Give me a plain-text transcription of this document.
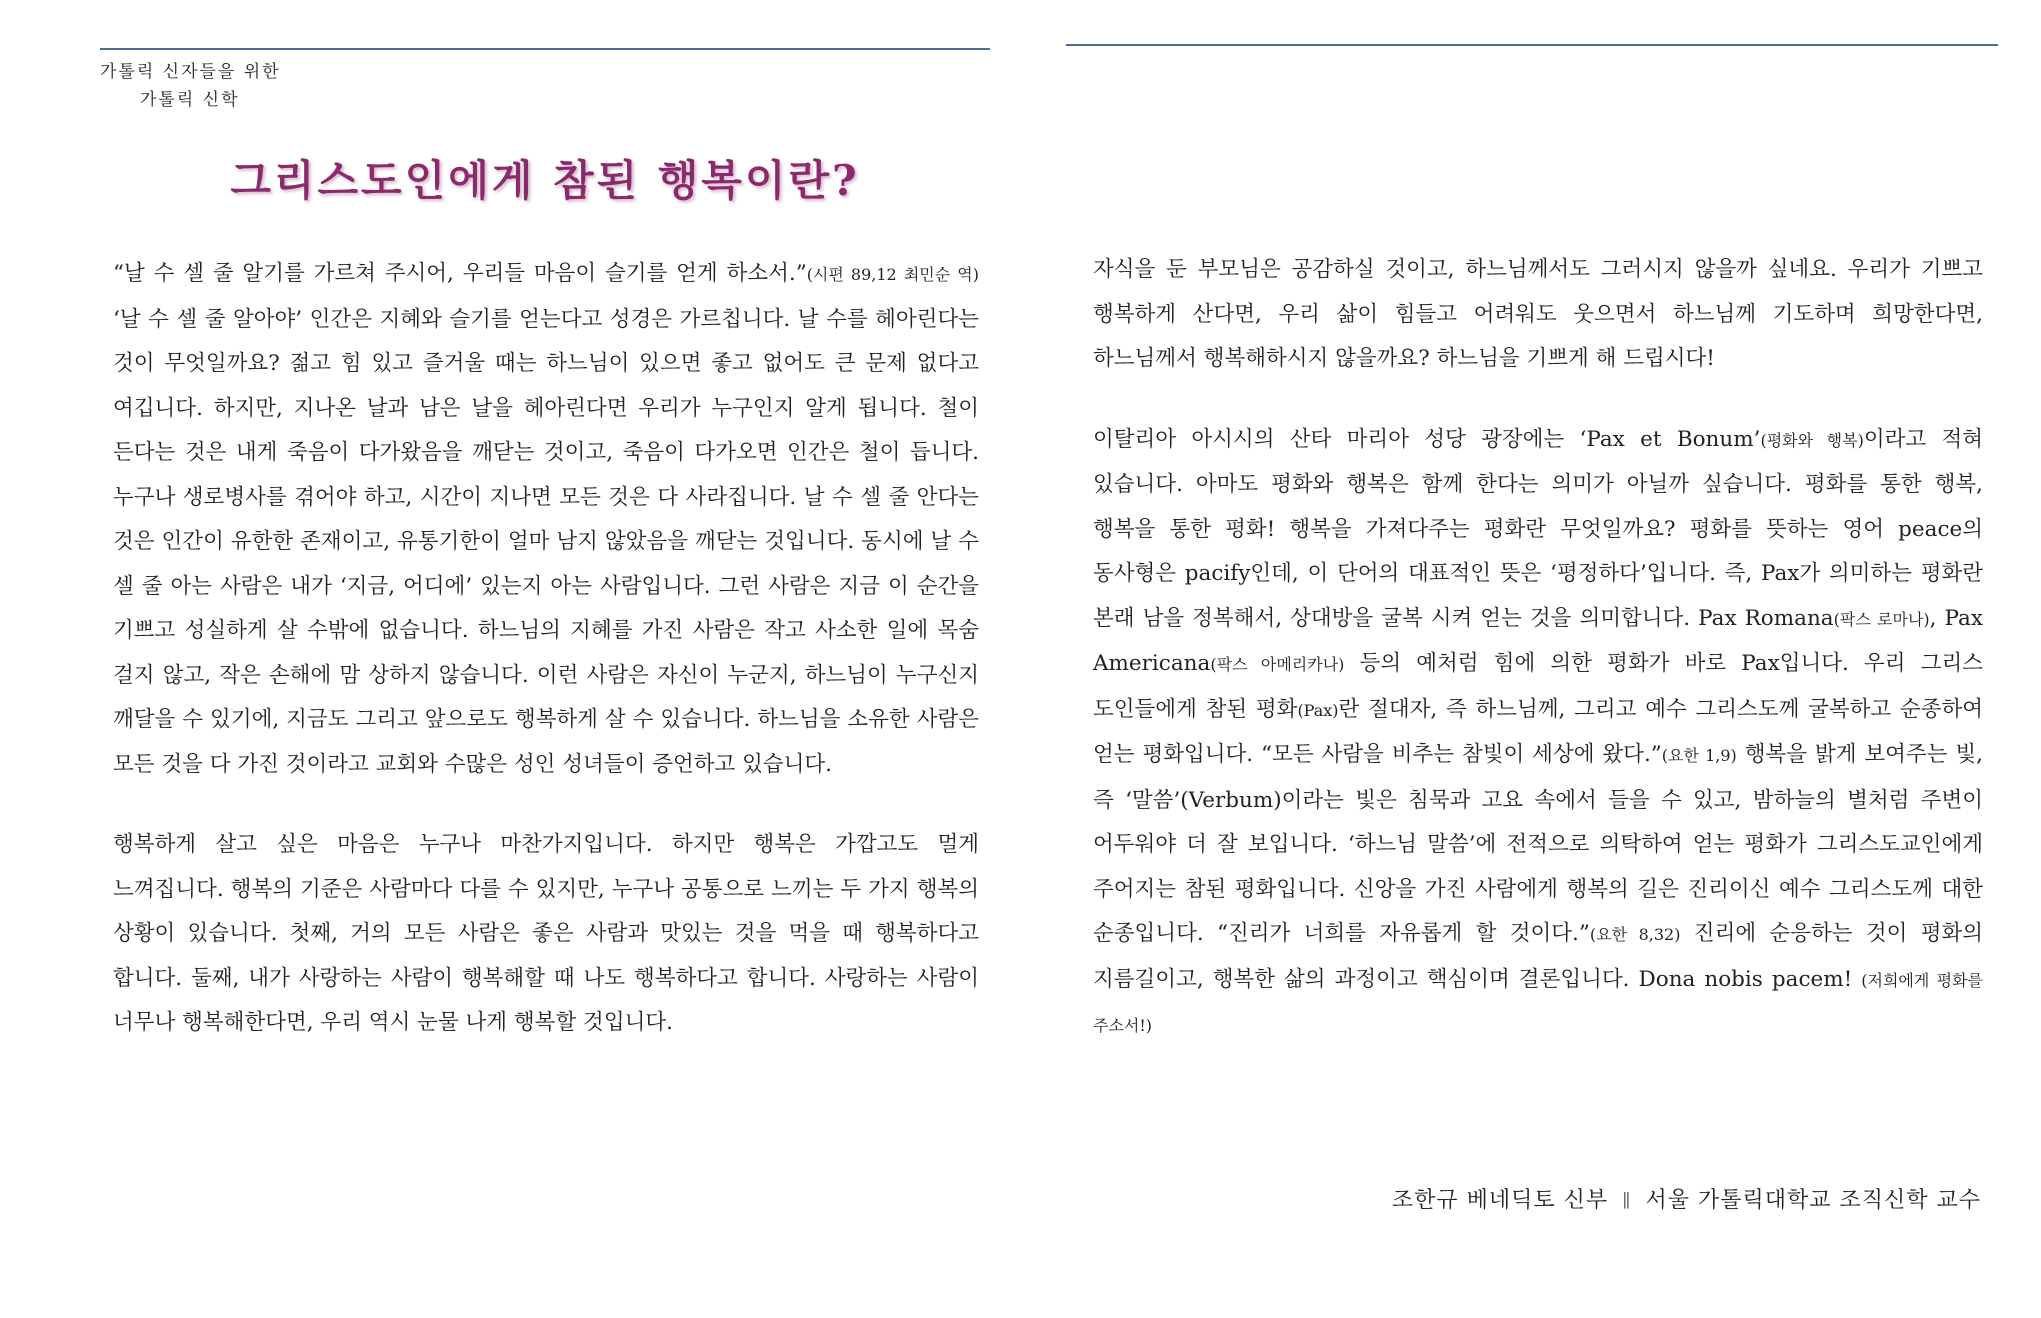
가톨릭 신자들을 위한
가톨릭 신학
그리스도인에게 참된 행복이란?

“날 수 셀 줄 알기를 가르쳐 주시어, 우리들 마음이 슬기를 얻게 하소서.”(시편 89,12 최민순 역) ‘날 수 셀 줄 알아야’ 인간은 지혜와 슬기를 얻는다고 성경은 가르칩니다. 날 수를 헤아린다는 것이 무엇일까요? 젊고 힘 있고 즐거울 때는 하느님이 있으면 좋고 없어도 큰 문제 없다고 여깁니다. 하지만, 지나온 날과 남은 날을 헤아린다면 우리가 누구인지 알게 됩니다. 철이 든다는 것은 내게 죽음이 다가왔음을 깨닫는 것이고, 죽음이 다가오면 인간은 철이 듭니다. 누구나 생로병사를 겪어야 하고, 시간이 지나면 모든 것은 다 사라집니다. 날 수 셀 줄 안다는 것은 인간이 유한한 존재이고, 유통기한이 얼마 남지 않았음을 깨닫는 것입니다. 동시에 날 수 셀 줄 아는 사람은 내가 ‘지금, 어디에’ 있는지 아는 사람입니다. 그런 사람은 지금 이 순간을 기쁘고 성실하게 살 수밖에 없습니다. 하느님의 지혜를 가진 사람은 작고 사소한 일에 목숨 걸지 않고, 작은 손해에 맘 상하지 않습니다. 이런 사람은 자신이 누군지, 하느님이 누구신지 깨달을 수 있기에, 지금도 그리고 앞으로도 행복하게 살 수 있습니다. 하느님을 소유한 사람은 모든 것을 다 가진 것이라고 교회와 수많은 성인 성녀들이 증언하고 있습니다.

행복하게 살고 싶은 마음은 누구나 마찬가지입니다. 하지만 행복은 가깝고도 멀게 느껴집니다. 행복의 기준은 사람마다 다를 수 있지만, 누구나 공통으로 느끼는 두 가지 행복의 상황이 있습니다. 첫째, 거의 모든 사람은 좋은 사람과 맛있는 것을 먹을 때 행복하다고 합니다. 둘째, 내가 사랑하는 사람이 행복해할 때 나도 행복하다고 합니다. 사랑하는 사람이 너무나 행복해한다면, 우리 역시 눈물 나게 행복할 것입니다.

자식을 둔 부모님은 공감하실 것이고, 하느님께서도 그러시지 않을까 싶네요. 우리가 기쁘고 행복하게 산다면, 우리 삶이 힘들고 어려워도 웃으면서 하느님께 기도하며 희망한다면, 하느님께서 행복해하시지 않을까요? 하느님을 기쁘게 해 드립시다!

이탈리아 아시시의 산타 마리아 성당 광장에는 ‘Pax et Bonum’(평화와 행복)이라고 적혀 있습니다. 아마도 평화와 행복은 함께 한다는 의미가 아닐까 싶습니다. 평화를 통한 행복, 행복을 통한 평화! 행복을 가져다주는 평화란 무엇일까요? 평화를 뜻하는 영어 peace의 동사형은 pacify인데, 이 단어의 대표적인 뜻은 ‘평정하다’입니다. 즉, Pax가 의미하는 평화란 본래 남을 정복해서, 상대방을 굴복 시켜 얻는 것을 의미합니다. Pax Romana(팍스 로마나), Pax Americana(팍스 아메리카나) 등의 예처럼 힘에 의한 평화가 바로 Pax입니다. 우리 그리스 도인들에게 참된 평화(Pax)란 절대자, 즉 하느님께, 그리고 예수 그리스도께 굴복하고 순종하여 얻는 평화입니다. “모든 사람을 비추는 참빛이 세상에 왔다.”(요한 1,9) 행복을 밝게 보여주는 빛, 즉 ‘말씀’(Verbum)이라는 빛은 침묵과 고요 속에서 들을 수 있고, 밤하늘의 별처럼 주변이 어두워야 더 잘 보입니다. ‘하느님 말씀’에 전적으로 의탁하여 얻는 평화가 그리스도교인에게 주어지는 참된 평화입니다. 신앙을 가진 사람에게 행복의 길은 진리이신 예수 그리스도께 대한 순종입니다. “진리가 너희를 자유롭게 할 것이다.”(요한 8,32) 진리에 순응하는 것이 평화의 지름길이고, 행복한 삶의 과정이고 핵심이며 결론입니다. Dona nobis pacem! (저희에게 평화를 주소서!)

조한규 베네딕토 신부 ∥ 서울 가톨릭대학교 조직신학 교수
